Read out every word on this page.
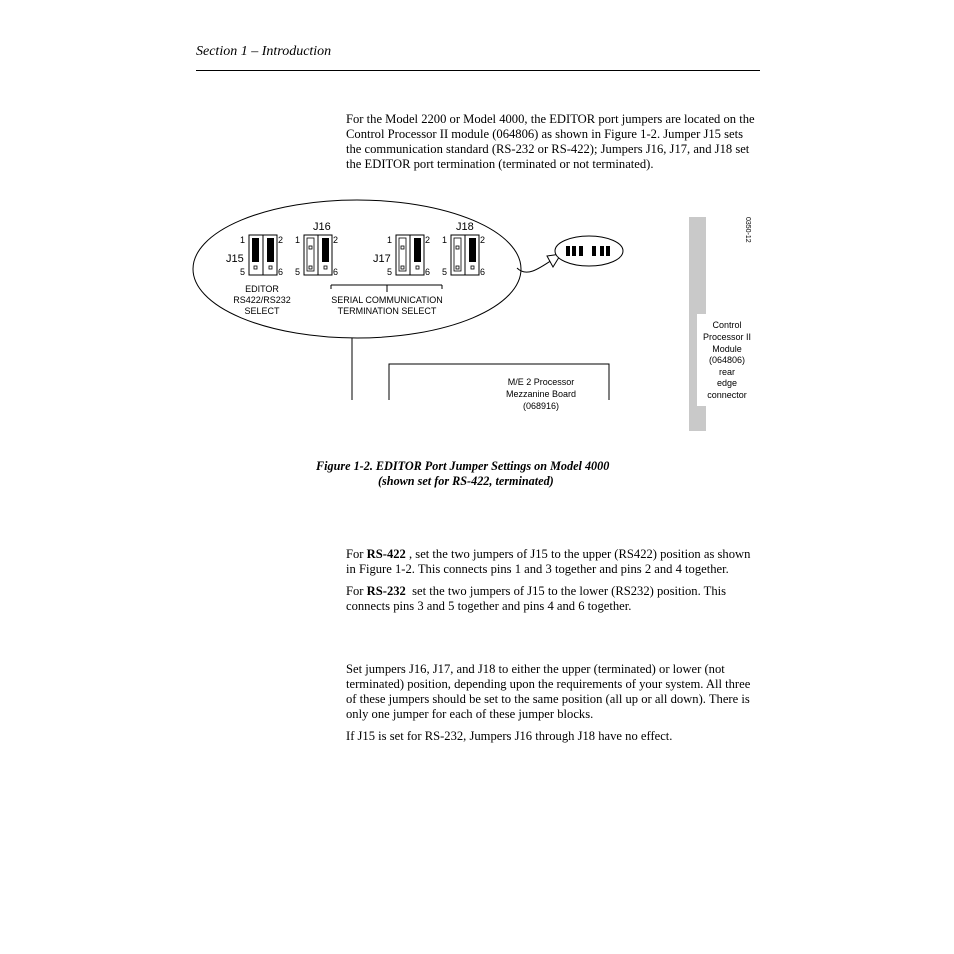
Section 1 – Introduction
For the Model 2200 or Model 4000, the EDITOR port jumpers are located on the Control Processor II module (064806) as shown in Figure 1-2. Jumper J15 sets the communication standard (RS-232 or RS-422); Jumpers J16, J17, and J18 set the EDITOR port termination (terminated or not terminated).
J16	J18
J15	J17
1	2
5	6
1	2
5	6
1	2
5	6
1	2
5	6
EDITOR
RS422/RS232
SELECT
SERIAL COMMUNICATION
TERMINATION SELECT
M/E 2 Processor
Mezzanine Board
(068916)
Control
Processor II
Module
(064806)
rear
edge
connector
0350-12
Figure 1-2. EDITOR Port Jumper Settings on Model 4000
(shown set for RS-422, terminated)
For RS-422 , set the two jumpers of J15 to the upper (RS422) position as shown in Figure 1-2. This connects pins 1 and 3 together and pins 2 and 4 together.
For RS-232  set the two jumpers of J15 to the lower (RS232) position. This connects pins 3 and 5 together and pins 4 and 6 together.
Set jumpers J16, J17, and J18 to either the upper (terminated) or lower (not terminated) position, depending upon the requirements of your system. All three of these jumpers should be set to the same position (all up or all down). There is only one jumper for each of these jumper blocks.
If J15 is set for RS-232, Jumpers J16 through J18 have no effect.
